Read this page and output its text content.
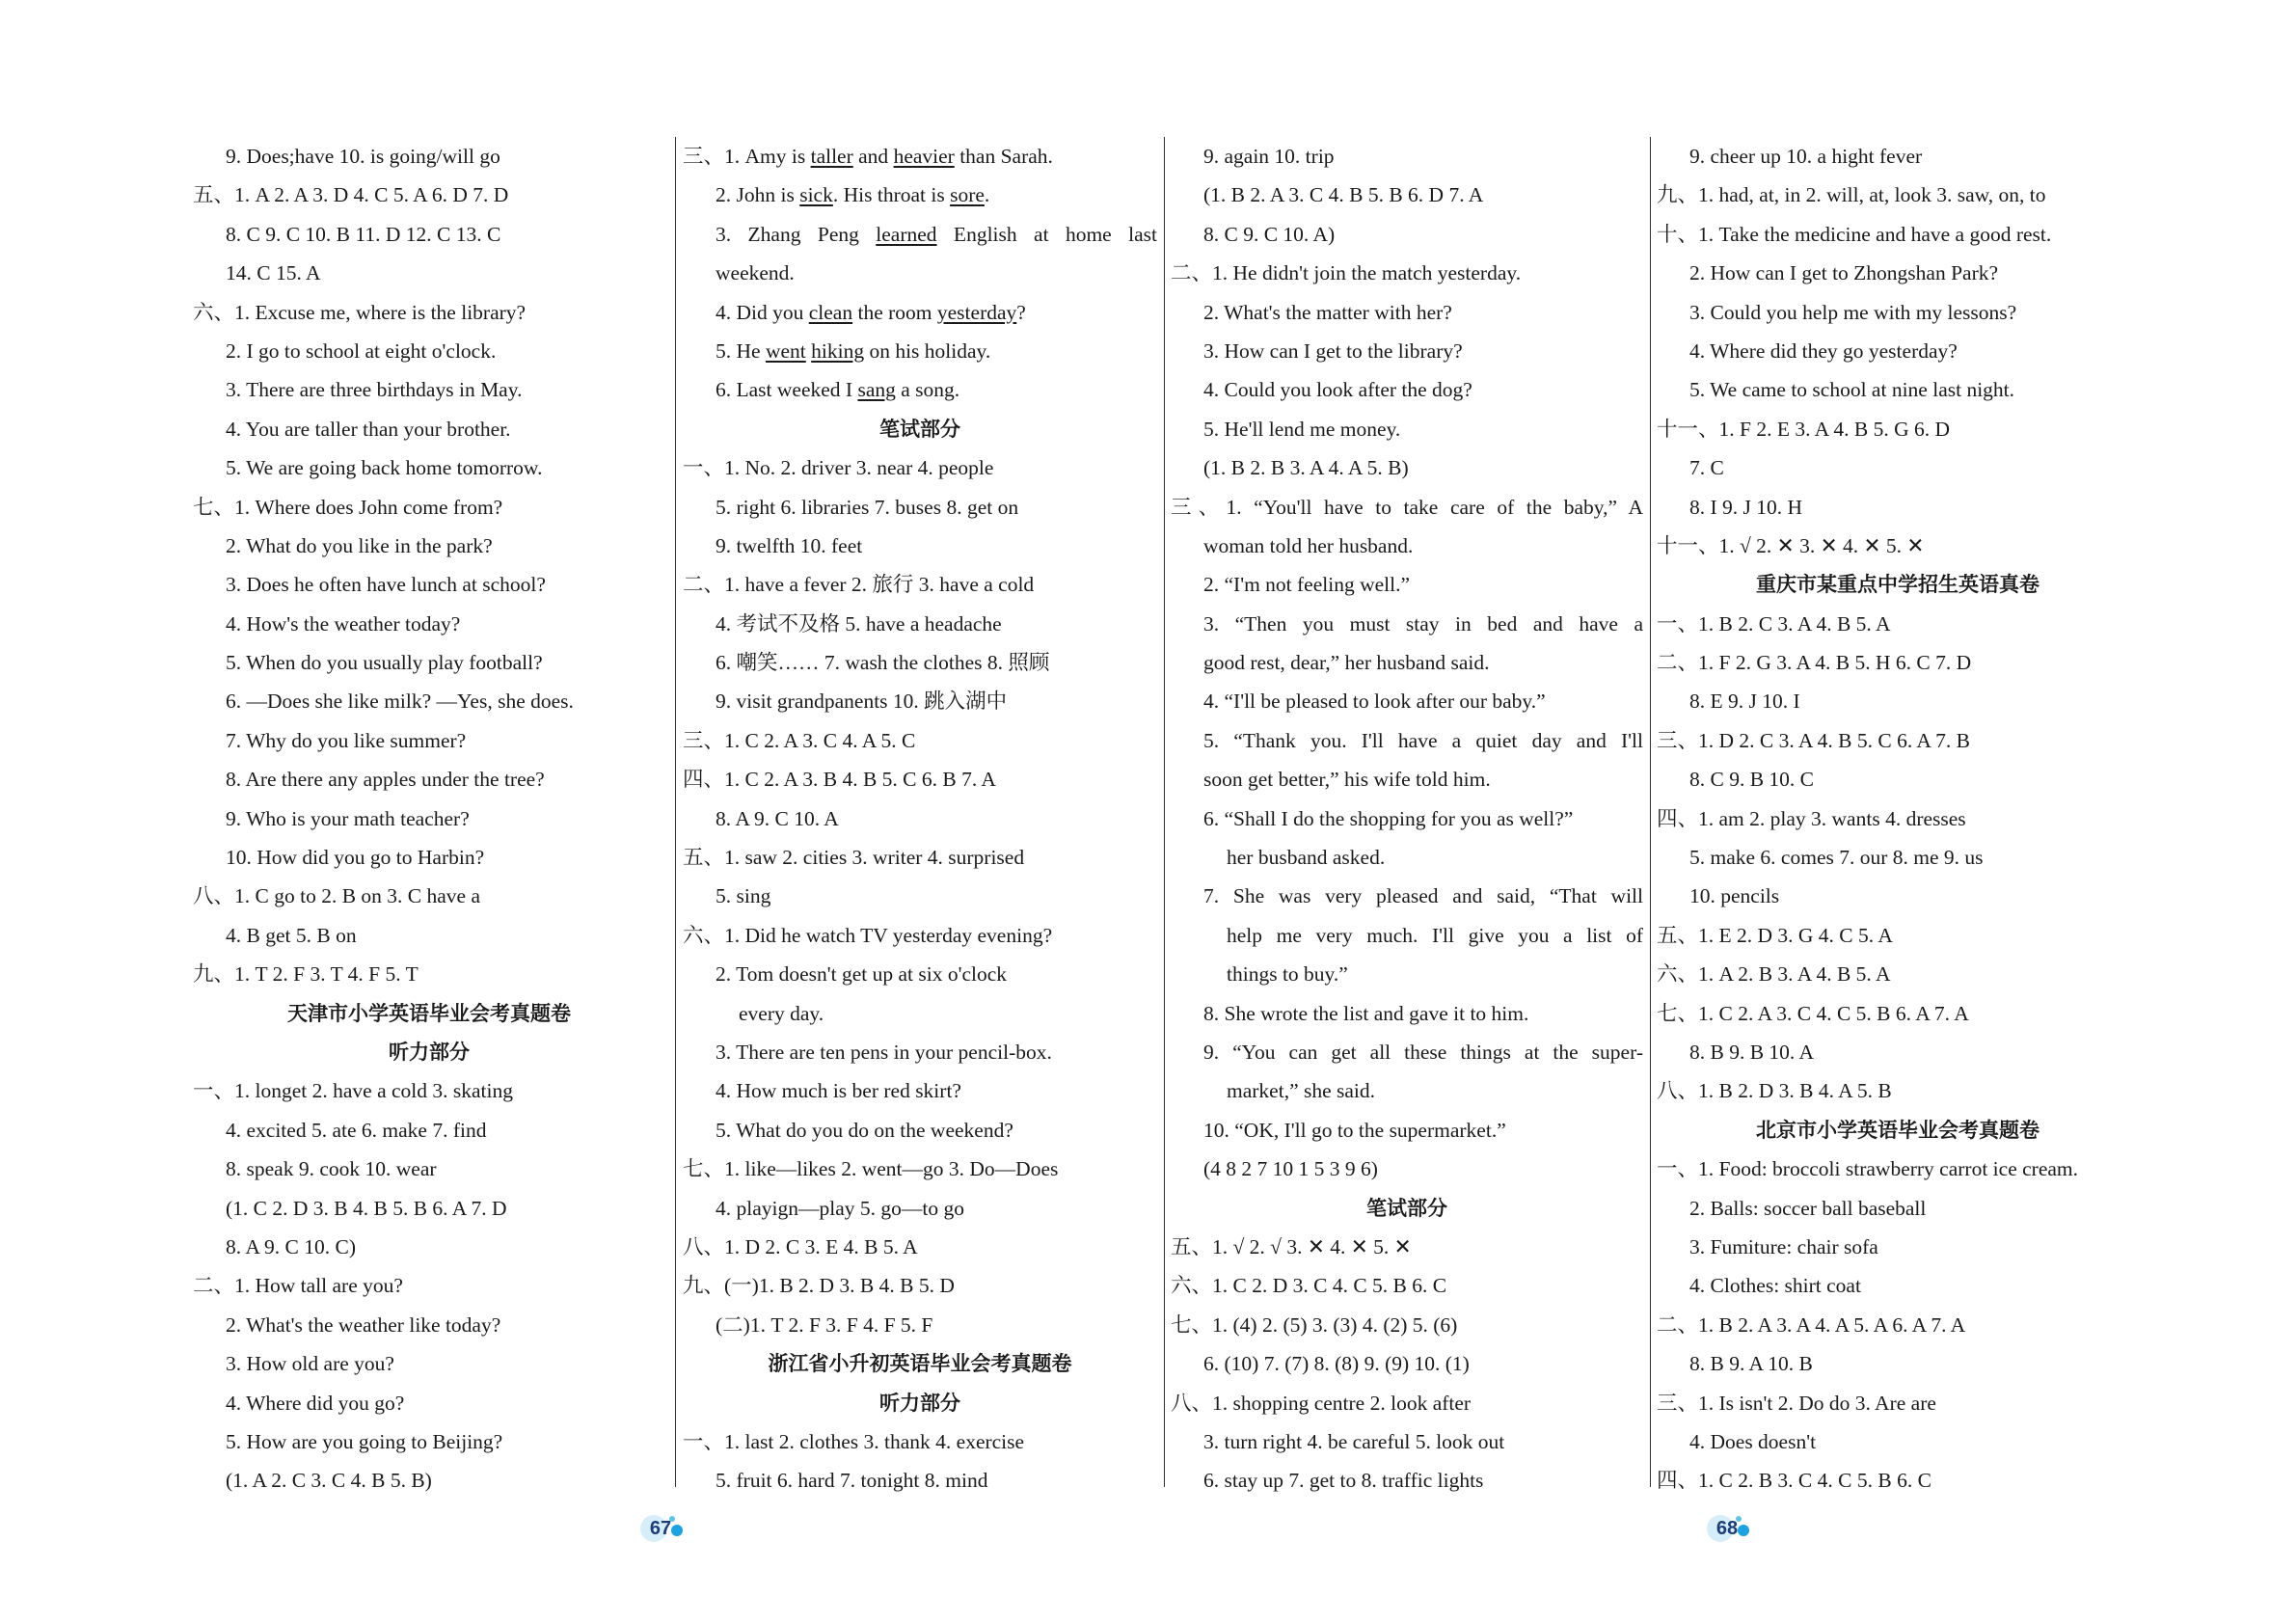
9. Does;have 10. is going/will go
五、1. A 2. A 3. D 4. C 5. A 6. D 7. D
8. C 9. C 10. B 11. D 12. C 13. C
14. C 15. A
六、1. Excuse me, where is the library?
2. I go to school at eight o'clock.
3. There are three birthdays in May.
4. You are taller than your brother.
5. We are going back home tomorrow.
七、1. Where does John come from?
2. What do you like in the park?
3. Does he often have lunch at school?
4. How's the weather today?
5. When do you usually play football?
6. —Does she like milk? —Yes, she does.
7. Why do you like summer?
8. Are there any apples under the tree?
9. Who is your math teacher?
10. How did you go to Harbin?
八、1. C go to 2. B on 3. C have a
4. B get 5. B on
九、1. T 2. F 3. T 4. F 5. T
天津市小学英语毕业会考真题卷
听力部分
一、1. longet 2. have a cold 3. skating
4. excited 5. ate 6. make 7. find
8. speak 9. cook 10. wear
(1. C 2. D 3. B 4. B 5. B 6. A 7. D
8. A 9. C 10. C)
二、1. How tall are you?
2. What's the weather like today?
3. How old are you?
4. Where did you go?
5. How are you going to Beijing?
(1. A 2. C 3. C 4. B 5. B)
三、1. Amy is taller and heavier than Sarah.
2. John is sick. His throat is sore.
3. Zhang Peng learned English at home last
weekend.
4. Did you clean the room yesterday?
5. He went hiking on his holiday.
6. Last weeked I sang a song.
笔试部分
一、1. No. 2. driver 3. near 4. people
5. right 6. libraries 7. buses 8. get on
9. twelfth 10. feet
二、1. have a fever 2. 旅行 3. have a cold
4. 考试不及格 5. have a headache
6. 嘲笑…… 7. wash the clothes 8. 照顾
9. visit grandpanents 10. 跳入湖中
三、1. C 2. A 3. C 4. A 5. C
四、1. C 2. A 3. B 4. B 5. C 6. B 7. A
8. A 9. C 10. A
五、1. saw 2. cities 3. writer 4. surprised
5. sing
六、1. Did he watch TV yesterday evening?
2. Tom doesn't get up at six o'clock
every day.
3. There are ten pens in your pencil-box.
4. How much is ber red skirt?
5. What do you do on the weekend?
七、1. like—likes 2. went—go 3. Do—Does
4. playign—play 5. go—to go
八、1. D 2. C 3. E 4. B 5. A
九、(一)1. B 2. D 3. B 4. B 5. D
(二)1. T 2. F 3. F 4. F 5. F
浙江省小升初英语毕业会考真题卷
听力部分
一、1. last 2. clothes 3. thank 4. exercise
5. fruit 6. hard 7. tonight 8. mind
9. again 10. trip
(1. B 2. A 3. C 4. B 5. B 6. D 7. A
8. C 9. C 10. A)
二、1. He didn't join the match yesterday.
2. What's the matter with her?
3. How can I get to the library?
4. Could you look after the dog?
5. He'll lend me money.
(1. B 2. B 3. A 4. A 5. B)
三、1. “You'll have to take care of the baby,” A
woman told her husband.
2. “I'm not feeling well.”
3. “Then you must stay in bed and have a
good rest, dear,” her husband said.
4. “I'll be pleased to look after our baby.”
5. “Thank you. I'll have a quiet day and I'll
soon get better,” his wife told him.
6. “Shall I do the shopping for you as well?”
her busband asked.
7. She was very pleased and said, “That will
help me very much. I'll give you a list of
things to buy.”
8. She wrote the list and gave it to him.
9. “You can get all these things at the super-
market,” she said.
10. “OK, I'll go to the supermarket.”
(4 8 2 7 10 1 5 3 9 6)
笔试部分
五、1. √ 2. √ 3. ✕ 4. ✕ 5. ✕
六、1. C 2. D 3. C 4. C 5. B 6. C
七、1. (4) 2. (5) 3. (3) 4. (2) 5. (6)
6. (10) 7. (7) 8. (8) 9. (9) 10. (1)
八、1. shopping centre 2. look after
3. turn right 4. be careful 5. look out
6. stay up 7. get to 8. traffic lights
9. cheer up 10. a hight fever
九、1. had, at, in 2. will, at, look 3. saw, on, to
十、1. Take the medicine and have a good rest.
2. How can I get to Zhongshan Park?
3. Could you help me with my lessons?
4. Where did they go yesterday?
5. We came to school at nine last night.
十一、1. F 2. E 3. A 4. B 5. G 6. D
7. C
8. I 9. J 10. H
十一、1. √ 2. ✕ 3. ✕ 4. ✕ 5. ✕
重庆市某重点中学招生英语真卷
一、1. B 2. C 3. A 4. B 5. A
二、1. F 2. G 3. A 4. B 5. H 6. C 7. D
8. E 9. J 10. I
三、1. D 2. C 3. A 4. B 5. C 6. A 7. B
8. C 9. B 10. C
四、1. am 2. play 3. wants 4. dresses
5. make 6. comes 7. our 8. me 9. us
10. pencils
五、1. E 2. D 3. G 4. C 5. A
六、1. A 2. B 3. A 4. B 5. A
七、1. C 2. A 3. C 4. C 5. B 6. A 7. A
8. B 9. B 10. A
八、1. B 2. D 3. B 4. A 5. B
北京市小学英语毕业会考真题卷
一、1. Food: broccoli strawberry carrot ice cream.
2. Balls: soccer ball baseball
3. Fumiture: chair sofa
4. Clothes: shirt coat
二、1. B 2. A 3. A 4. A 5. A 6. A 7. A
8. B 9. A 10. B
三、1. Is isn't 2. Do do 3. Are are
4. Does doesn't
四、1. C 2. B 3. C 4. C 5. B 6. C
67	68
